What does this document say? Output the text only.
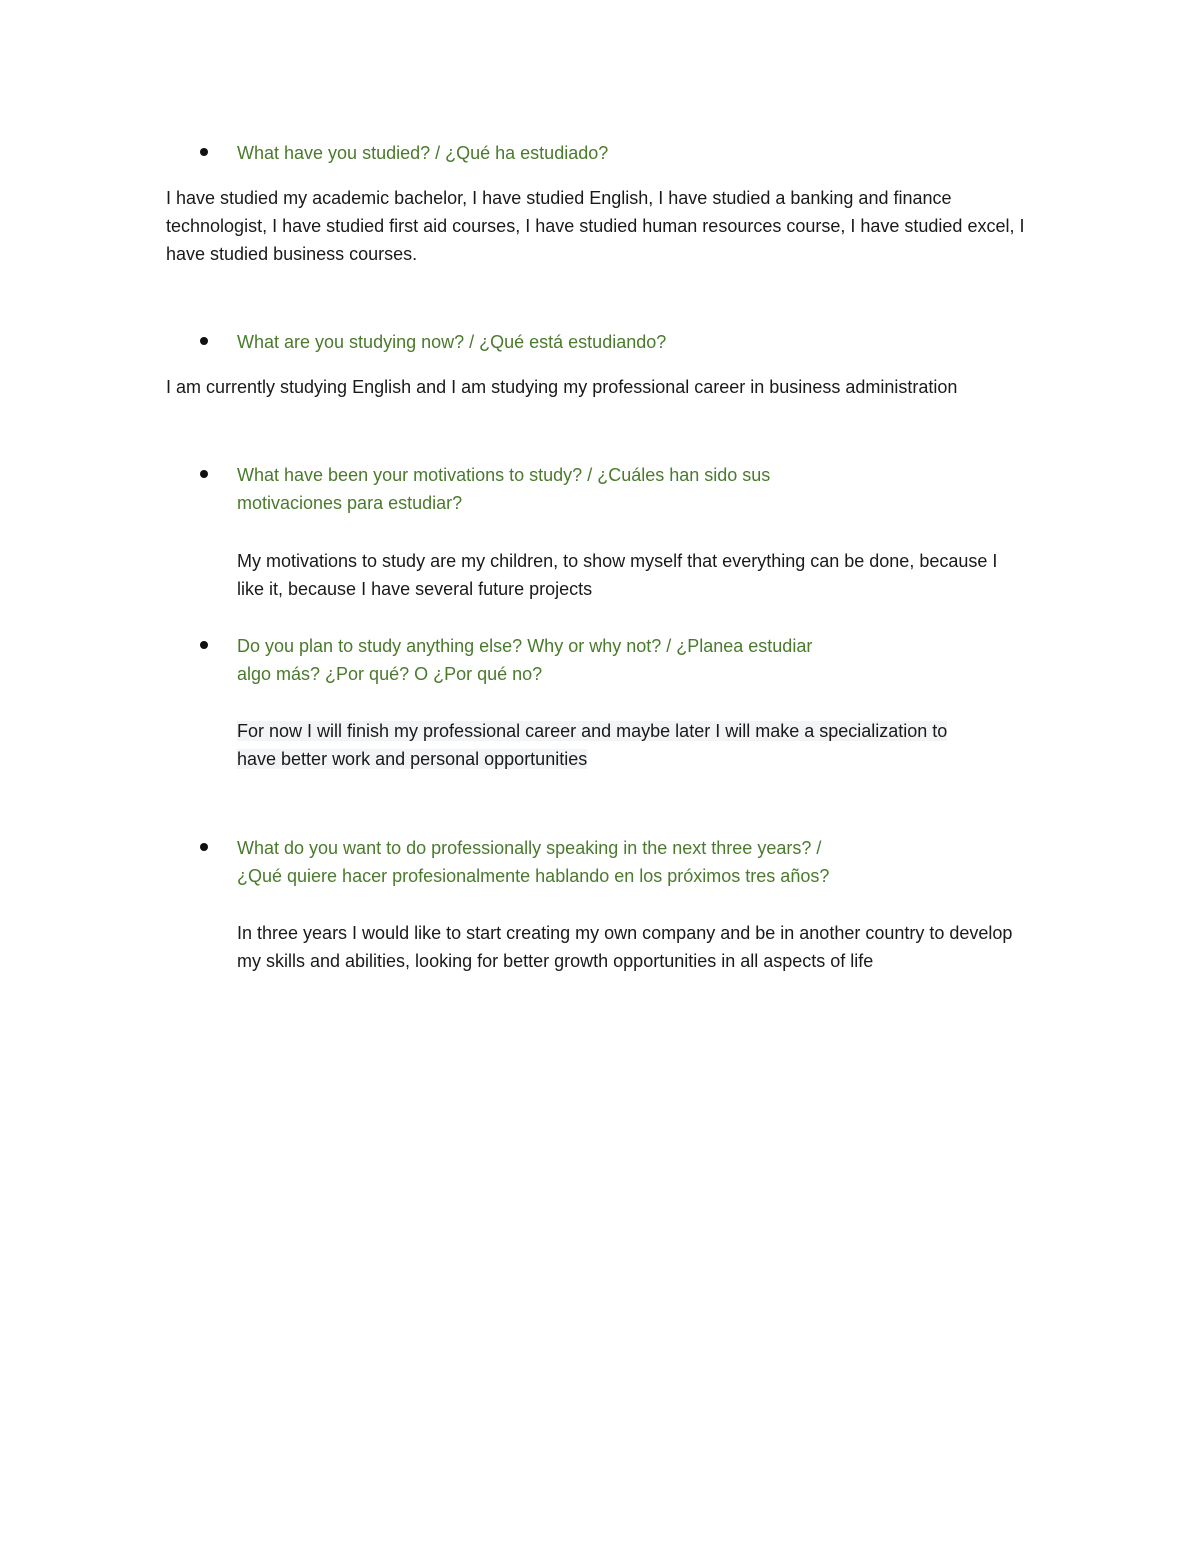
What have you studied? / ¿Qué ha estudiado?
I have studied my academic bachelor, I have studied English, I have studied a banking and finance technologist, I have studied first aid courses, I have studied human resources course, I have studied excel, I have studied business courses.
What are you studying now? / ¿Qué está estudiando?
I am currently studying English and I am studying my professional career in business administration
What have been your motivations to study? / ¿Cuáles han sido sus
motivaciones para estudiar?
My motivations to study are my children, to show myself that everything can be done, because I like it, because I have several future projects
Do you plan to study anything else? Why or why not? / ¿Planea estudiar
algo más? ¿Por qué? O ¿Por qué no?
For now I will finish my professional career and maybe later I will make a specialization to
have better work and personal opportunities
What do you want to do professionally speaking in the next three years? /
¿Qué quiere hacer profesionalmente hablando en los próximos tres años?
In three years I would like to start creating my own company and be in another country to develop my skills and abilities, looking for better growth opportunities in all aspects of life
